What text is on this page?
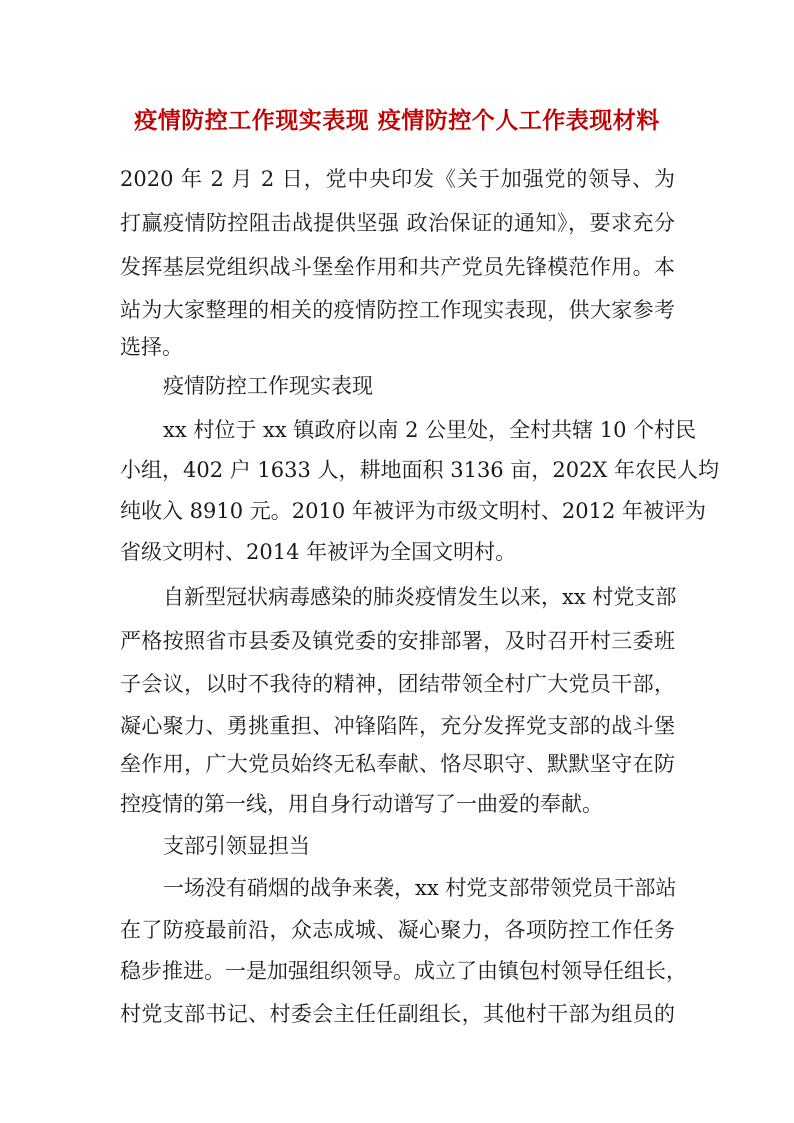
疫情防控工作现实表现 疫情防控个人工作表现材料
2020 年 2 月 2 日，党中央印发《关于加强党的领导、为
打赢疫情防控阻击战提供坚强 政治保证的通知》，要求充分
发挥基层党组织战斗堡垒作用和共产党员先锋模范作用。本
站为大家整理的相关的疫情防控工作现实表现，供大家参考
选择。
疫情防控工作现实表现
xx 村位于 xx 镇政府以南 2 公里处，全村共辖 10 个村民
小组，402 户 1633 人，耕地面积 3136 亩，202X 年农民人均
纯收入 8910 元。2010 年被评为市级文明村、2012 年被评为
省级文明村、2014 年被评为全国文明村。
自新型冠状病毒感染的肺炎疫情发生以来，xx 村党支部
严格按照省市县委及镇党委的安排部署，及时召开村三委班
子会议，以时不我待的精神，团结带领全村广大党员干部，
凝心聚力、勇挑重担、冲锋陷阵，充分发挥党支部的战斗堡
垒作用，广大党员始终无私奉献、恪尽职守、默默坚守在防
控疫情的第一线，用自身行动谱写了一曲爱的奉献。
支部引领显担当
一场没有硝烟的战争来袭，xx 村党支部带领党员干部站
在了防疫最前沿，众志成城、凝心聚力，各项防控工作任务
稳步推进。一是加强组织领导。成立了由镇包村领导任组长，
村党支部书记、村委会主任任副组长，其他村干部为组员的
